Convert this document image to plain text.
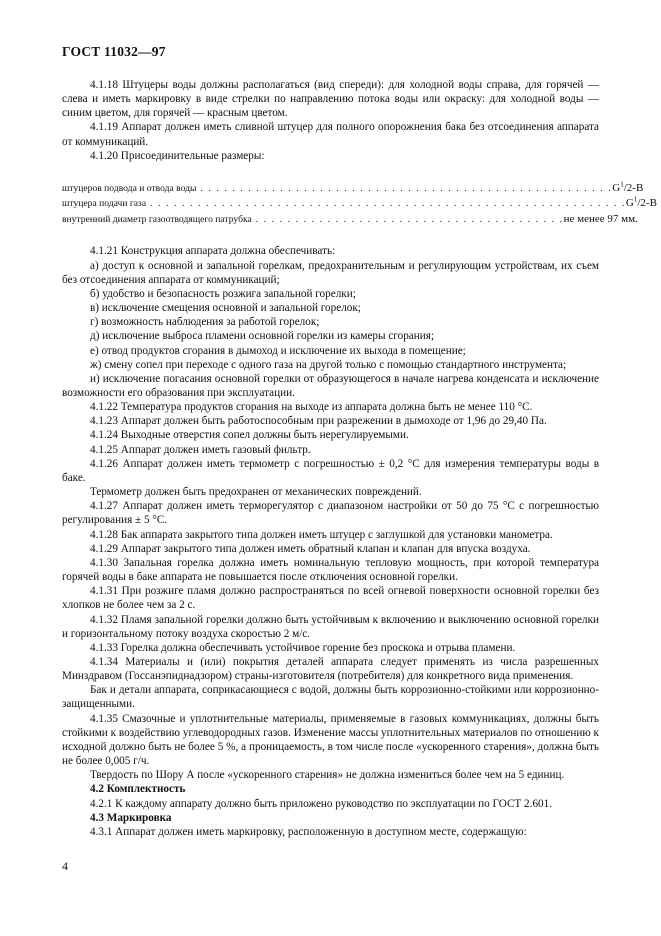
ГОСТ 11032—97

4.1.18 Штуцеры воды должны располагаться (вид спереди): для холодной воды справа, для горячей — слева и иметь маркировку в виде стрелки по направлению потока воды или окраску: для холодной воды — синим цветом, для горячей — красным цветом.

4.1.19 Аппарат должен иметь сливной штуцер для полного опорожнения бака без отсоединения аппарата от коммуникаций.

4.1.20 Присоединительные размеры:

штуцеров подвода и отвода воды . . . . . . . . . . . . . . . . . . . . . . . . . . . . . . . . . . . . . . . . . . . . . . . . . . . . $G^1/2-В$
штуцера подачи газа . . . . . . . . . . . . . . . . . . . . . . . . . . . . . . . . . . . . . . . . . . . . . . . . . . . . . . . . . . . . $G^1/2-В$
внутренний диаметр газоотводящего патрубка . . . . . . . . . . . . . . . . . . . . . . . . . . . . . . . . . . . . . . . не менее 97 мм.

4.1.21 Конструкция аппарата должна обеспечивать:

а) доступ к основной и запальной горелкам, предохранительным и регулирующим устройствам, их съем без отсоединения аппарата от коммуникаций;

б) удобство и безопасность розжига запальной горелки;

в) исключение смещения основной и запальной горелок;

г) возможность наблюдения за работой горелок;

д) исключение выброса пламени основной горелки из камеры сгорания;

е) отвод продуктов сгорания в дымоход и исключение их выхода в помещение;

ж) смену сопел при переходе с одного газа на другой только с помощью стандартного инструмента;

и) исключение погасания основной горелки от образующегося в начале нагрева конденсата и исключение возможности его образования при эксплуатации.

4.1.22 Температура продуктов сгорания на выходе из аппарата должна быть не менее 110 °С.

4.1.23 Аппарат должен быть работоспособным при разрежении в дымоходе от 1,96 до 29,40 Па.

4.1.24 Выходные отверстия сопел должны быть нерегулируемыми.

4.1.25 Аппарат должен иметь газовый фильтр.

4.1.26 Аппарат должен иметь термометр с погрешностью ± 0,2 °С для измерения температуры воды в баке.

Термометр должен быть предохранен от механических повреждений.

4.1.27 Аппарат должен иметь терморегулятор с диапазоном настройки от 50 до 75 °С с погрешностью регулирования ± 5 °С.

4.1.28 Бак аппарата закрытого типа должен иметь штуцер с заглушкой для установки манометра.

4.1.29 Аппарат закрытого типа должен иметь обратный клапан и клапан для впуска воздуха.

4.1.30 Запальная горелка должна иметь номинальную тепловую мощность, при которой температура горячей воды в баке аппарата не повышается после отключения основной горелки.

4.1.31 При розжиге пламя должно распространяться по всей огневой поверхности основной горелки без хлопков не более чем за 2 с.

4.1.32 Пламя запальной горелки должно быть устойчивым к включению и выключению основной горелки и горизонтальному потоку воздуха скоростью 2 м/с.

4.1.33 Горелка должна обеспечивать устойчивое горение без проскока и отрыва пламени.

4.1.34 Материалы и (или) покрытия деталей аппарата следует применять из числа разрешенных Минздравом (Госсанэпиднадзором) страны-изготовителя (потребителя) для конкретного вида применения.

Бак и детали аппарата, соприкасающиеся с водой, должны быть коррозионно-стойкими или коррозионно-защищенными.

4.1.35 Смазочные и уплотнительные материалы, применяемые в газовых коммуникациях, должны быть стойкими к воздействию углеводородных газов. Изменение массы уплотнительных материалов по отношению к исходной должно быть не более 5 %, а проницаемость, в том числе после «ускоренного старения», должна быть не более 0,005 г/ч.

Твердость по Шору А после «ускоренного старения» не должна измениться более чем на 5 единиц.

4.2 Комплектность

4.2.1 К каждому аппарату должно быть приложено руководство по эксплуатации по ГОСТ 2.601.

4.3 Маркировка

4.3.1 Аппарат должен иметь маркировку, расположенную в доступном месте, содержащую:

4
